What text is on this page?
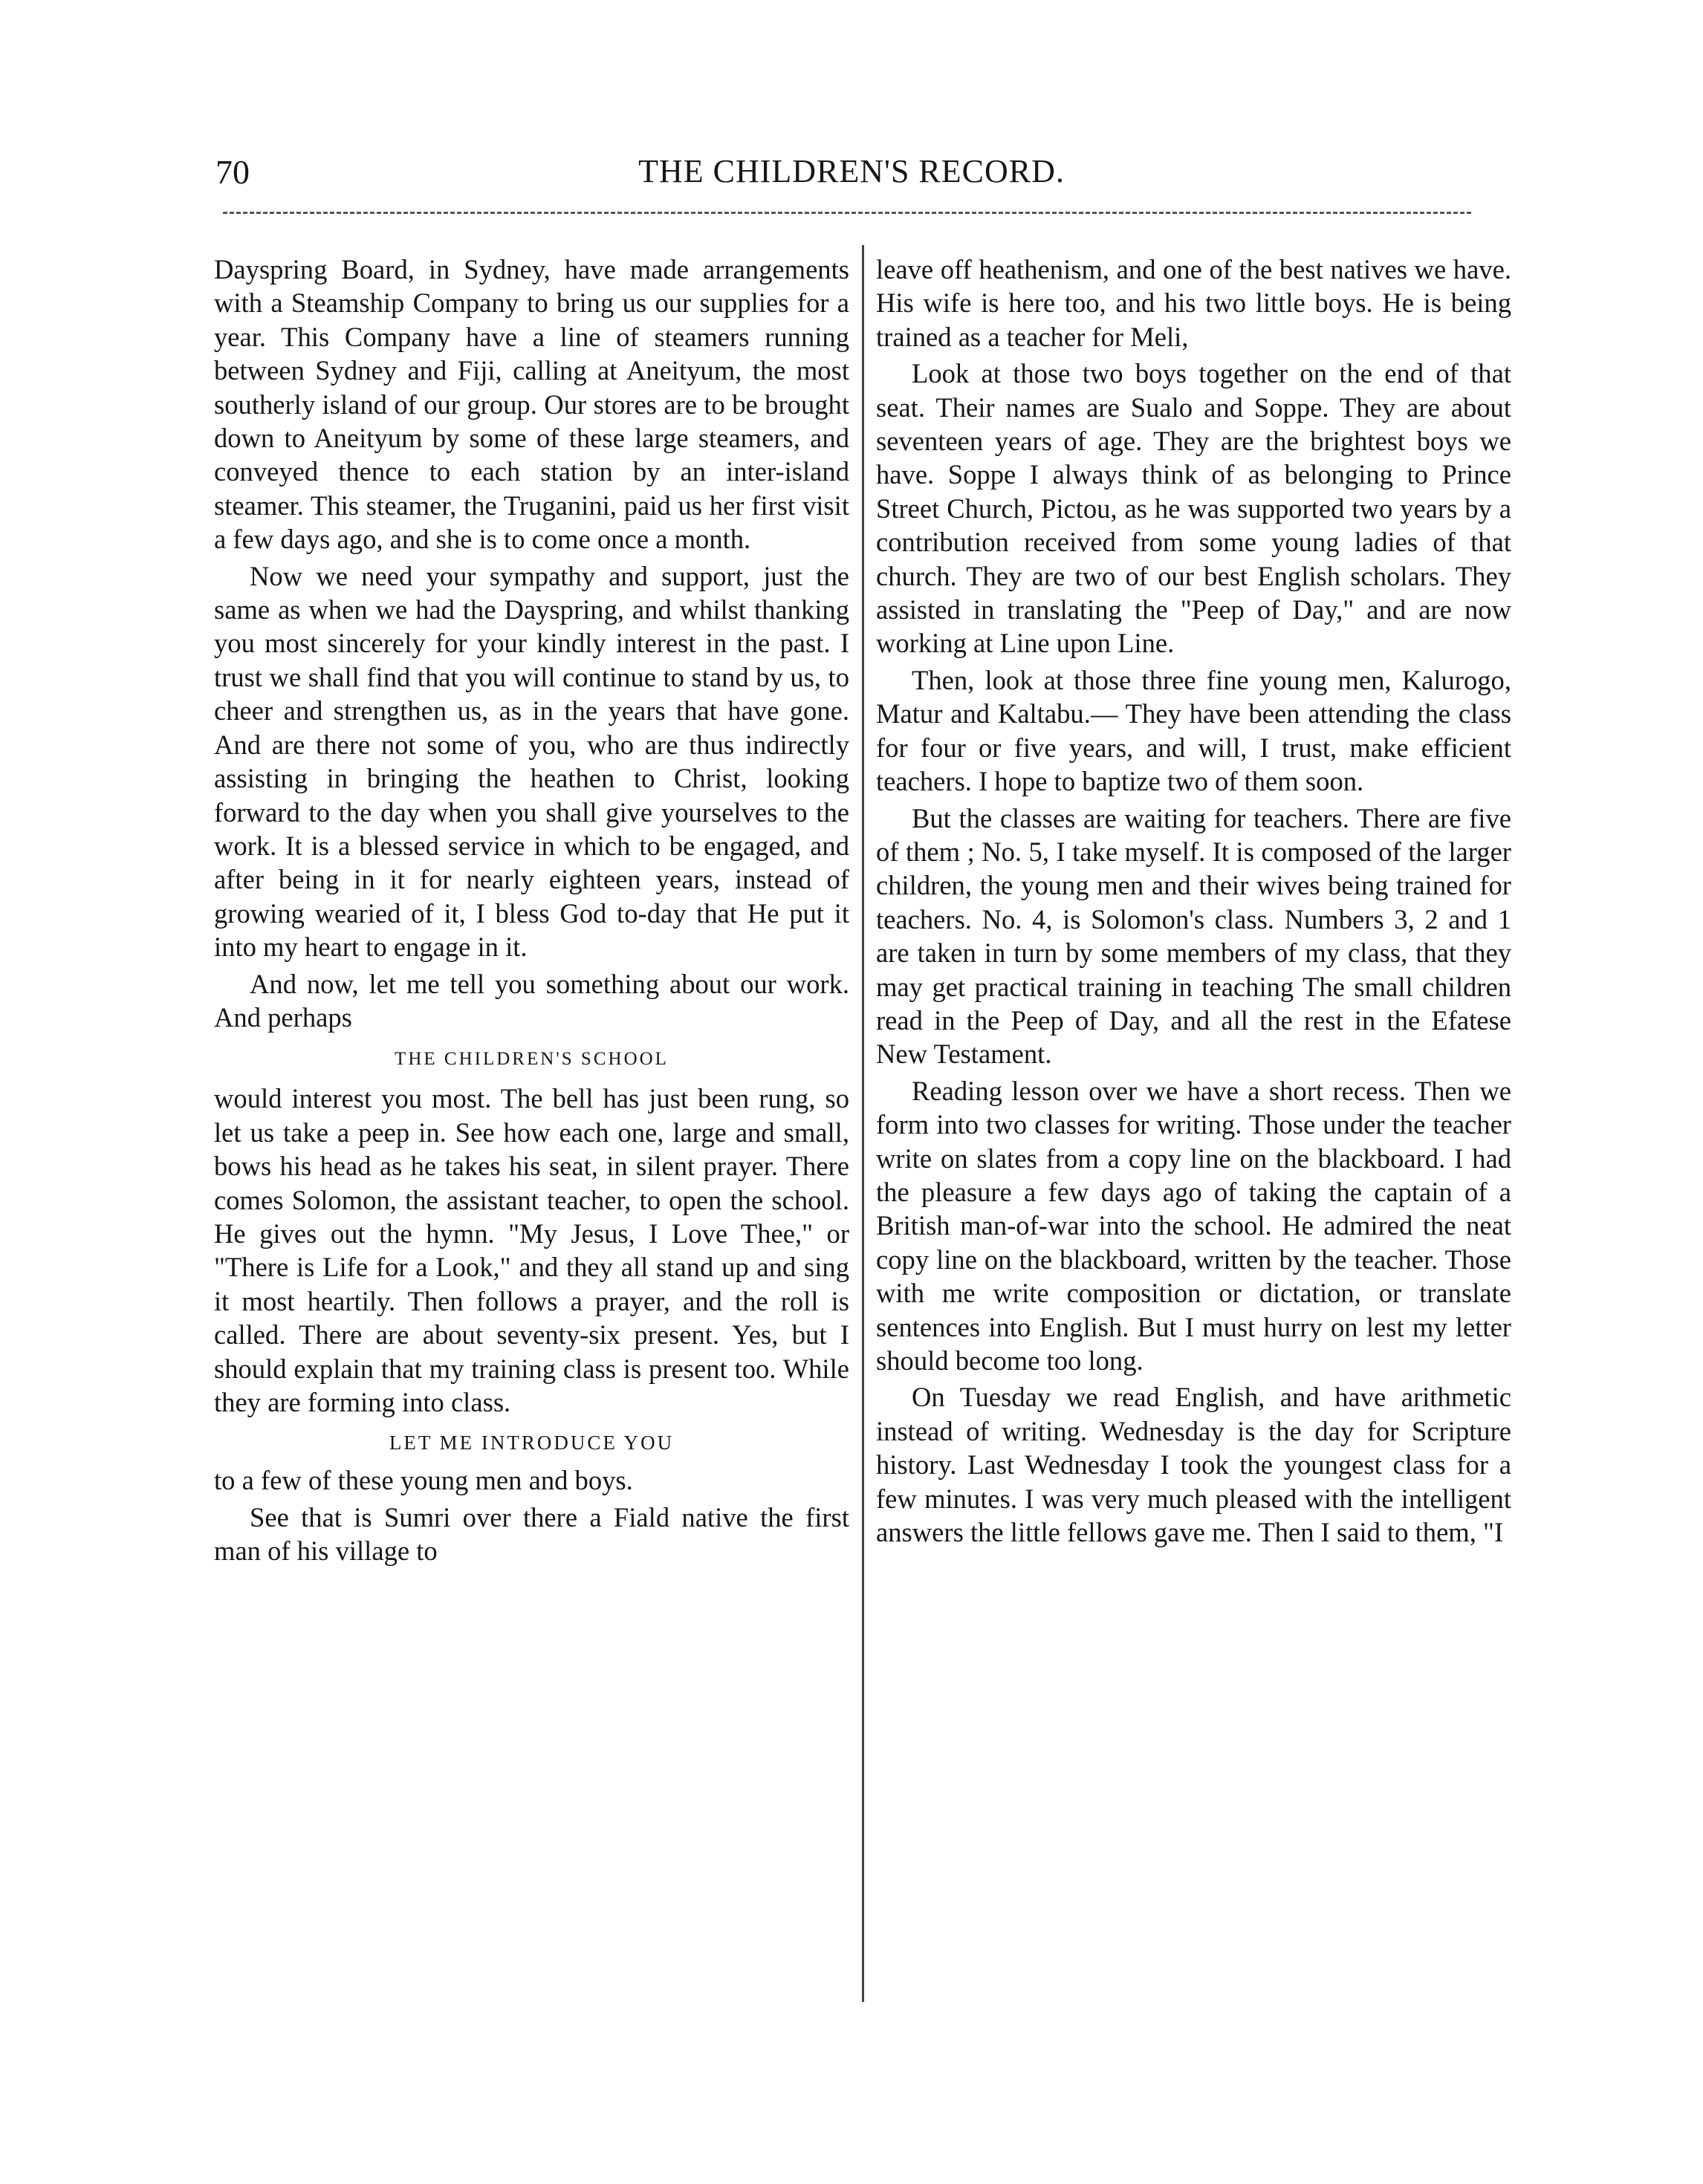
70	THE CHILDREN'S RECORD.

Dayspring Board, in Sydney, have made arrangements with a Steamship Company to bring us our supplies for a year. This Company have a line of steamers running between Sydney and Fiji, calling at Aneityum, the most southerly island of our group. Our stores are to be brought down to Aneityum by some of these large steamers, and conveyed thence to each station by an inter-island steamer. This steamer, the Truganini, paid us her first visit a few days ago, and she is to come once a month.

Now we need your sympathy and support, just the same as when we had the Dayspring, and whilst thanking you most sincerely for your kindly interest in the past. I trust we shall find that you will continue to stand by us, to cheer and strengthen us, as in the years that have gone. And are there not some of you, who are thus indirectly assisting in bringing the heathen to Christ, looking forward to the day when you shall give yourselves to the work. It is a blessed service in which to be engaged, and after being in it for nearly eighteen years, instead of growing wearied of it, I bless God to-day that He put it into my heart to engage in it.

And now, let me tell you something about our work. And perhaps

THE CHILDREN'S SCHOOL

would interest you most. The bell has just been rung, so let us take a peep in. See how each one, large and small, bows his head as he takes his seat, in silent prayer. There comes Solomon, the assistant teacher, to open the school. He gives out the hymn. "My Jesus, I Love Thee," or "There is Life for a Look," and they all stand up and sing it most heartily. Then follows a prayer, and the roll is called. There are about seventy-six present. Yes, but I should explain that my training class is present too. While they are forming into class.

LET ME INTRODUCE YOU

to a few of these young men and boys.

See that is Sumri over there a Fiald native the first man of his village to

leave off heathenism, and one of the best natives we have. His wife is here too, and his two little boys. He is being trained as a teacher for Meli,

Look at those two boys together on the end of that seat. Their names are Sualo and Soppe. They are about seventeen years of age. They are the brightest boys we have. Soppe I always think of as belonging to Prince Street Church, Pictou, as he was supported two years by a contribution received from some young ladies of that church. They are two of our best English scholars. They assisted in translating the "Peep of Day," and are now working at Line upon Line.

Then, look at those three fine young men, Kalurogo, Matur and Kaltabu.— They have been attending the class for four or five years, and will, I trust, make efficient teachers. I hope to baptize two of them soon.

But the classes are waiting for teachers. There are five of them ; No. 5, I take myself. It is composed of the larger children, the young men and their wives being trained for teachers. No. 4, is Solomon's class. Numbers 3, 2 and 1 are taken in turn by some members of my class, that they may get practical training in teaching The small children read in the Peep of Day, and all the rest in the Efatese New Testament.

Reading lesson over we have a short recess. Then we form into two classes for writing. Those under the teacher write on slates from a copy line on the blackboard. I had the pleasure a few days ago of taking the captain of a British man-of-war into the school. He admired the neat copy line on the blackboard, written by the teacher. Those with me write composition or dictation, or translate sentences into English. But I must hurry on lest my letter should become too long.

On Tuesday we read English, and have arithmetic instead of writing. Wednesday is the day for Scripture history. Last Wednesday I took the youngest class for a few minutes. I was very much pleased with the intelligent answers the little fellows gave me. Then I said to them, "I
